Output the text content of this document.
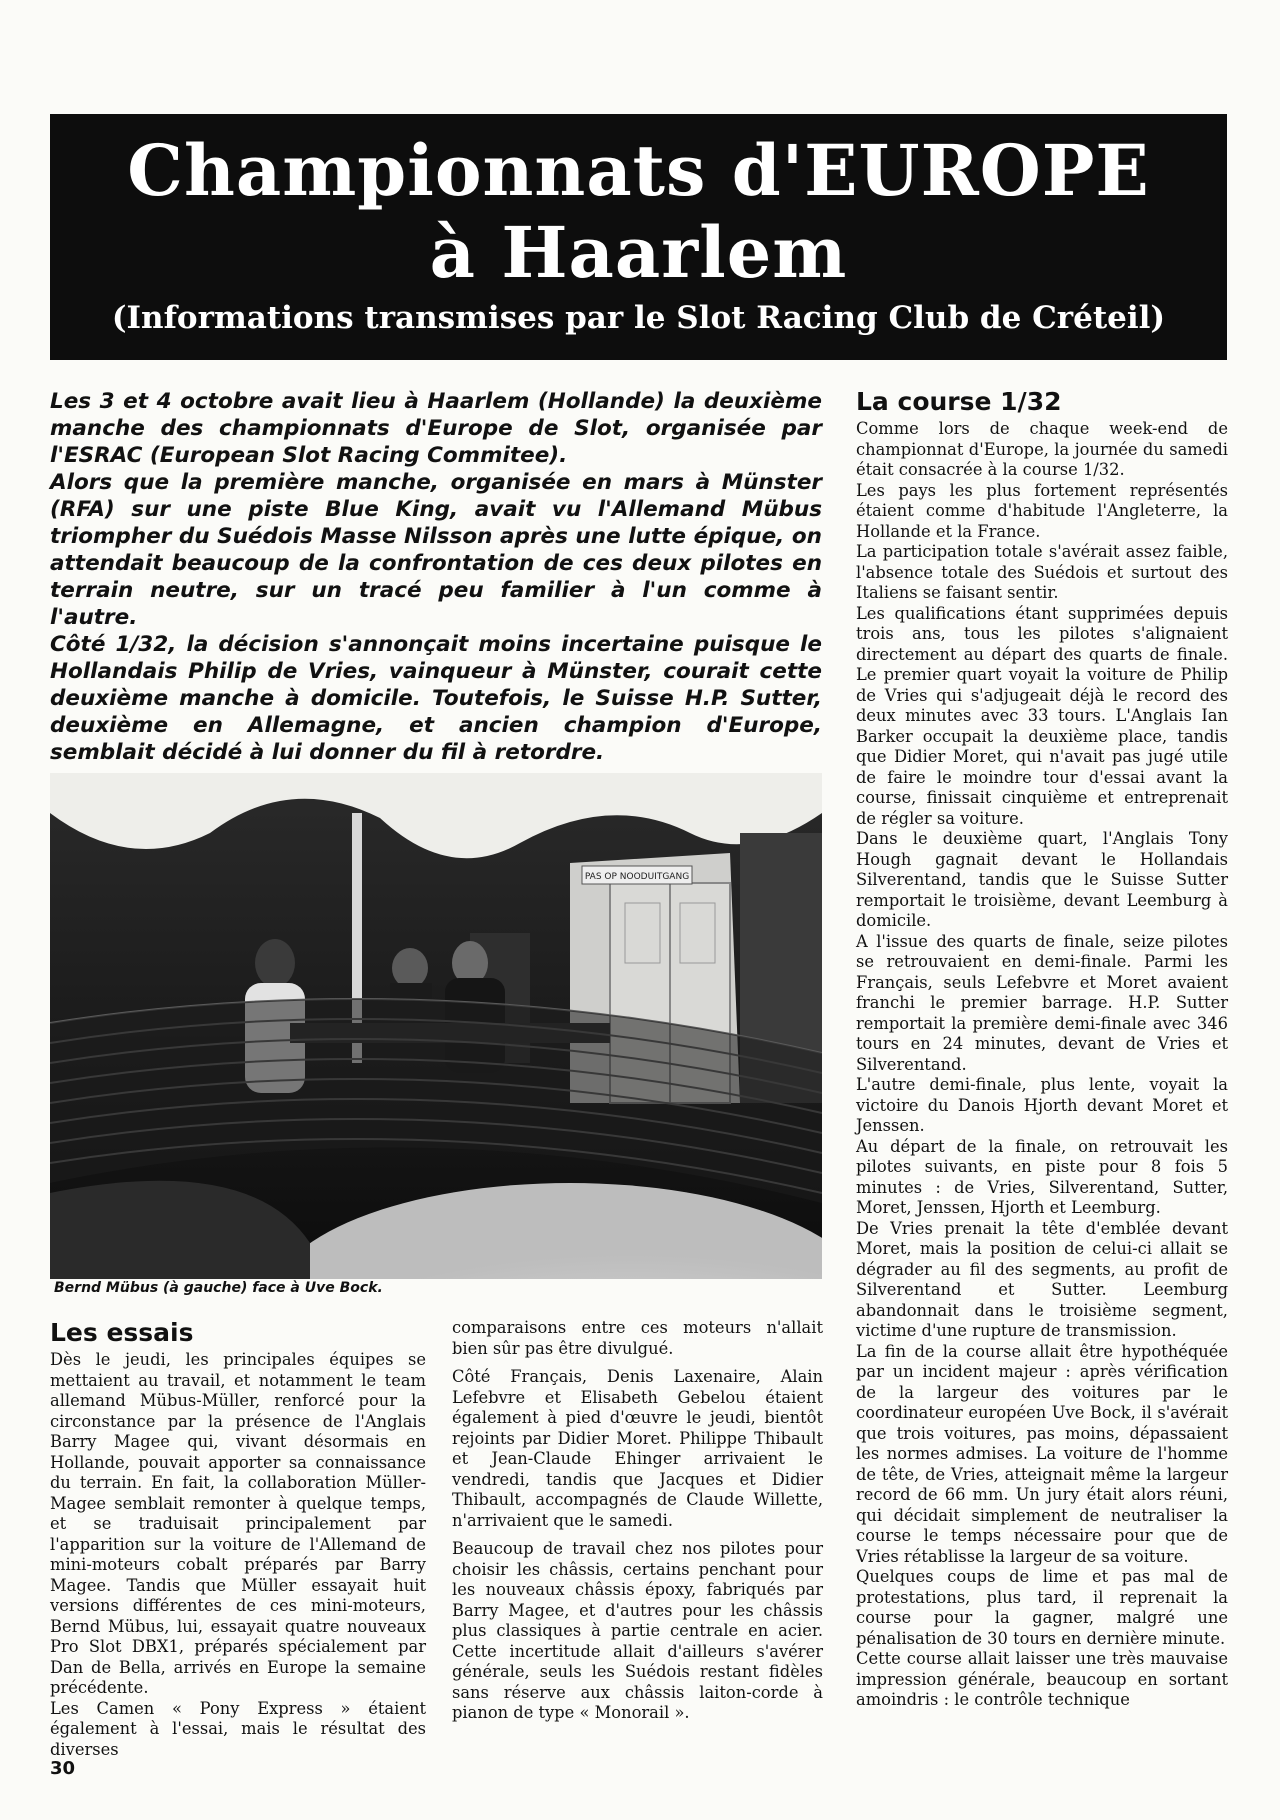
Championnats d'EUROPE
à Haarlem
(Informations transmises par le Slot Racing Club de Créteil)

Les 3 et 4 octobre avait lieu à Haarlem (Hollande) la deuxième manche des championnats d'Europe de Slot, organisée par l'ESRAC (European Slot Racing Commitee).

Alors que la première manche, organisée en mars à Münster (RFA) sur une piste Blue King, avait vu l'Allemand Mübus triompher du Suédois Masse Nilsson après une lutte épique, on attendait beaucoup de la confrontation de ces deux pilotes en terrain neutre, sur un tracé peu familier à l'un comme à l'autre.

Côté 1/32, la décision s'annonçait moins incertaine puisque le Hollandais Philip de Vries, vainqueur à Münster, courait cette deuxième manche à domicile. Toutefois, le Suisse H.P. Sutter, deuxième en Allemagne, et ancien champion d'Europe, semblait décidé à lui donner du fil à retordre.

PAS OP NOODUITGANG
Bernd Mübus (à gauche) face à Uve Bock.
Les essais

Dès le jeudi, les principales équipes se mettaient au travail, et notamment le team allemand Mübus-Müller, renforcé pour la circonstance par la présence de l'Anglais Barry Magee qui, vivant désormais en Hollande, pouvait apporter sa connaissance du terrain. En fait, la collaboration Müller-Magee semblait remonter à quelque temps, et se traduisait principalement par l'apparition sur la voiture de l'Allemand de mini-moteurs cobalt préparés par Barry Magee. Tandis que Müller essayait huit versions différentes de ces mini-moteurs, Bernd Mübus, lui, essayait quatre nouveaux Pro Slot DBX1, préparés spécialement par Dan de Bella, arrivés en Europe la semaine précédente.

Les Camen « Pony Express » étaient également à l'essai, mais le résultat des diverses

comparaisons entre ces moteurs n'allait bien sûr pas être divulgué.

Côté Français, Denis Laxenaire, Alain Lefebvre et Elisabeth Gebelou étaient également à pied d'œuvre le jeudi, bientôt rejoints par Didier Moret. Philippe Thibault et Jean-Claude Ehinger arrivaient le vendredi, tandis que Jacques et Didier Thibault, accompagnés de Claude Willette, n'arrivaient que le samedi.

Beaucoup de travail chez nos pilotes pour choisir les châssis, certains penchant pour les nouveaux châssis époxy, fabriqués par Barry Magee, et d'autres pour les châssis plus classiques à partie centrale en acier. Cette incertitude allait d'ailleurs s'avérer générale, seuls les Suédois restant fidèles sans réserve aux châssis laiton-corde à pianon de type « Monorail ».

La course 1/32

Comme lors de chaque week-end de championnat d'Europe, la journée du samedi était consacrée à la course 1/32.

Les pays les plus fortement représentés étaient comme d'habitude l'Angleterre, la Hollande et la France.

La participation totale s'avérait assez faible, l'absence totale des Suédois et surtout des Italiens se faisant sentir.

Les qualifications étant supprimées depuis trois ans, tous les pilotes s'alignaient directement au départ des quarts de finale. Le premier quart voyait la voiture de Philip de Vries qui s'adjugeait déjà le record des deux minutes avec 33 tours. L'Anglais Ian Barker occupait la deuxième place, tandis que Didier Moret, qui n'avait pas jugé utile de faire le moindre tour d'essai avant la course, finissait cinquième et entreprenait de régler sa voiture.

Dans le deuxième quart, l'Anglais Tony Hough gagnait devant le Hollandais Silverentand, tandis que le Suisse Sutter remportait le troisième, devant Leemburg à domicile.

A l'issue des quarts de finale, seize pilotes se retrouvaient en demi-finale. Parmi les Français, seuls Lefebvre et Moret avaient franchi le premier barrage. H.P. Sutter remportait la première demi-finale avec 346 tours en 24 minutes, devant de Vries et Silverentand.

L'autre demi-finale, plus lente, voyait la victoire du Danois Hjorth devant Moret et Jenssen.

Au départ de la finale, on retrouvait les pilotes suivants, en piste pour 8 fois 5 minutes : de Vries, Silverentand, Sutter, Moret, Jenssen, Hjorth et Leemburg.

De Vries prenait la tête d'emblée devant Moret, mais la position de celui-ci allait se dégrader au fil des segments, au profit de Silverentand et Sutter. Leemburg abandonnait dans le troisième segment, victime d'une rupture de transmission.

La fin de la course allait être hypothéquée par un incident majeur : après vérification de la largeur des voitures par le coordinateur européen Uve Bock, il s'avérait que trois voitures, pas moins, dépassaient les normes admises. La voiture de l'homme de tête, de Vries, atteignait même la largeur record de 66 mm. Un jury était alors réuni, qui décidait simplement de neutraliser la course le temps nécessaire pour que de Vries rétablisse la largeur de sa voiture.

Quelques coups de lime et pas mal de protestations, plus tard, il reprenait la course pour la gagner, malgré une pénalisation de 30 tours en dernière minute.

Cette course allait laisser une très mauvaise impression générale, beaucoup en sortant amoindris : le contrôle technique

30
